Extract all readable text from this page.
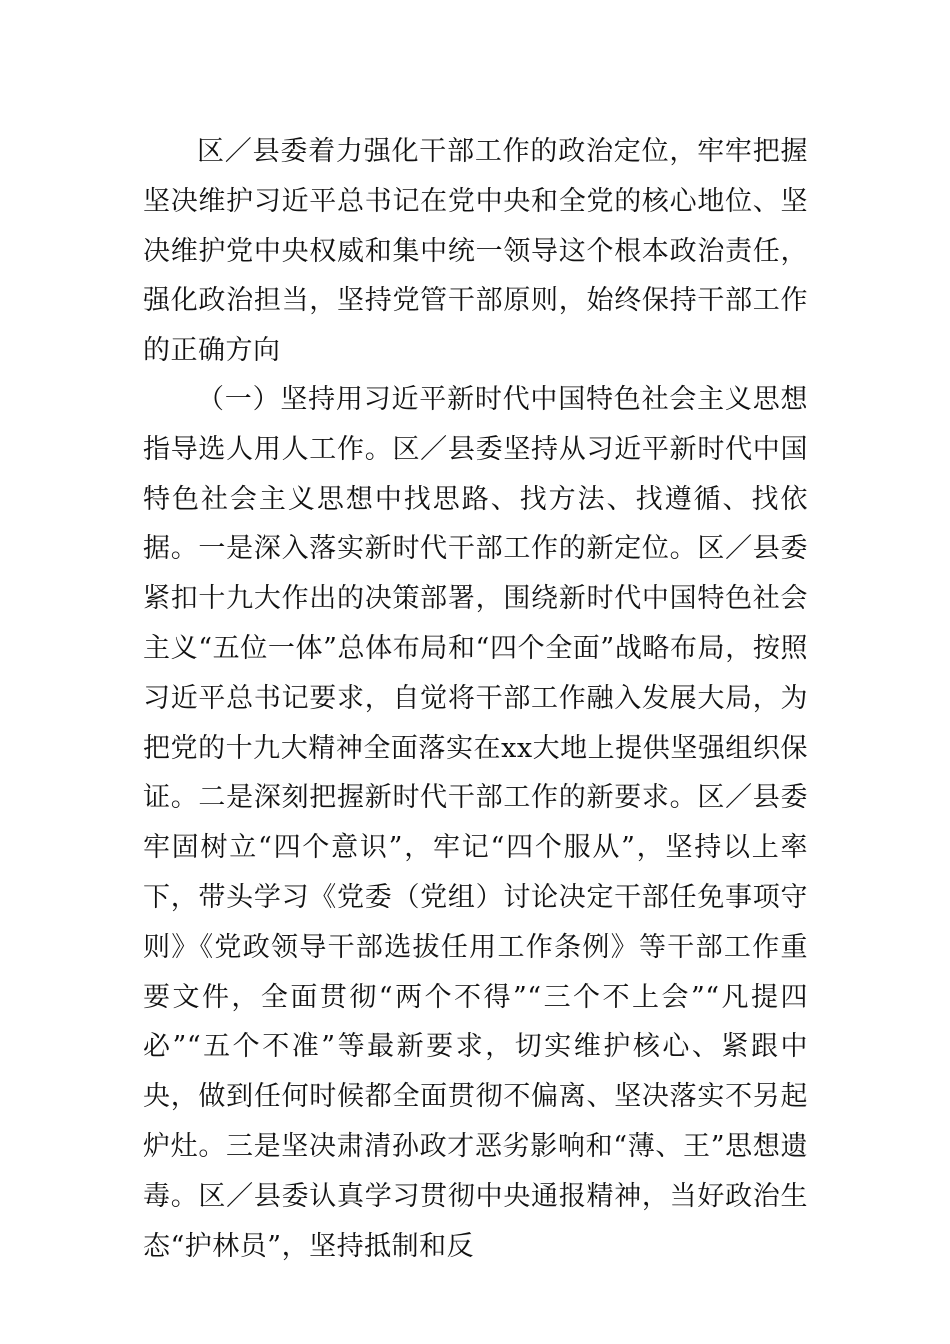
区／县委着力强化干部工作的政治定位，牢牢把握坚决维护习近平总书记在党中央和全党的核心地位、坚决维护党中央权威和集中统一领导这个根本政治责任，强化政治担当，坚持党管干部原则，始终保持干部工作的正确方向

（一）坚持用习近平新时代中国特色社会主义思想指导选人用人工作。区／县委坚持从习近平新时代中国特色社会主义思想中找思路、找方法、找遵循、找依据。一是深入落实新时代干部工作的新定位。区／县委紧扣十九大作出的决策部署，围绕新时代中国特色社会主义“五位一体”总体布局和“四个全面”战略布局，按照习近平总书记要求，自觉将干部工作融入发展大局，为把党的十九大精神全面落实在xx大地上提供坚强组织保证。二是深刻把握新时代干部工作的新要求。区／县委牢固树立“四个意识”，牢记“四个服从”，坚持以上率下，带头学习《党委（党组）讨论决定干部任免事项守则》《党政领导干部选拔任用工作条例》等干部工作重要文件，全面贯彻“两个不得”“三个不上会”“凡提四必”“五个不准”等最新要求，切实维护核心、紧跟中央，做到任何时候都全面贯彻不偏离、坚决落实不另起炉灶。三是坚决肃清孙政才恶劣影响和“薄、王”思想遗毒。区／县委认真学习贯彻中央通报精神，当好政治生态“护林员”，坚持抵制和反
